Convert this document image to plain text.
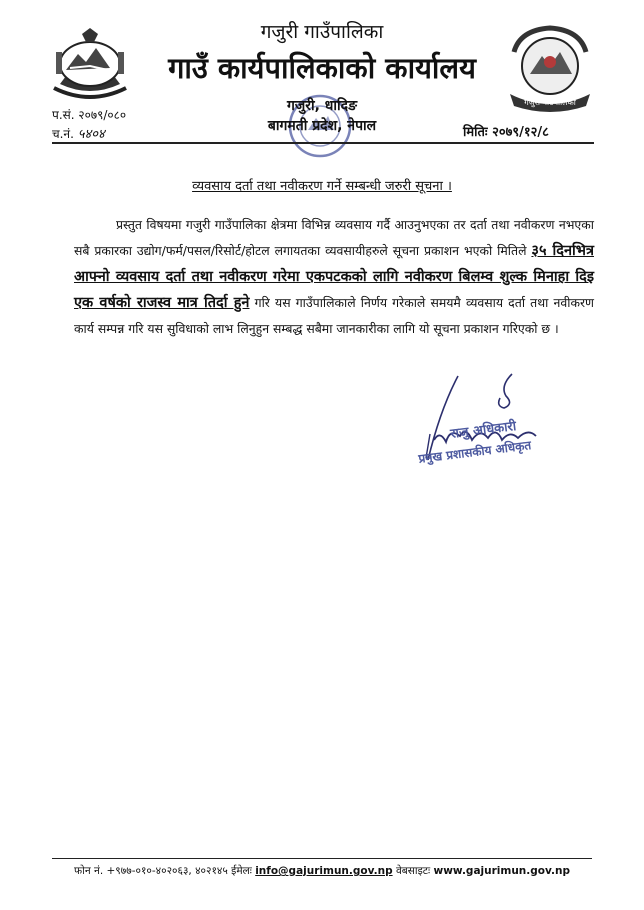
गजुरी गाउँपालिका
गजुरी गाउँपालिका
गाउँ कार्यपालिकाको कार्यालय
गजुरी, धादिङ
बागमती प्रदेश, नेपाल
प.सं. २०७९/०८०
च.नं. ५४०४	मितिः २०७९/१२/८
व्यवसाय दर्ता तथा नवीकरण गर्ने सम्बन्धी जरुरी सूचना ।
प्रस्तुत विषयमा गजुरी गाउँपालिका क्षेत्रमा विभिन्न व्यवसाय गर्दै आउनुभएका तर दर्ता तथा नवीकरण नभएका सबै प्रकारका उद्योग/फर्म/पसल/रिसोर्ट/होटल लगायतका व्यवसायीहरुले सूचना प्रकाशन भएको मितिले ३५ दिनभित्र आफ्नो व्यवसाय दर्ता तथा नवीकरण गरेमा एकपटकको लागि नवीकरण बिलम्व शुल्क मिनाहा दिइ एक वर्षको राजस्व मात्र तिर्दा हुने गरि यस गाउँपालिकाले निर्णय गरेकाले समयमै व्यवसाय दर्ता तथा नवीकरण कार्य सम्पन्न गरि यस सुविधाको लाभ लिनुहुन सम्बद्ध सबैमा जानकारीका लागि यो सूचना प्रकाशन गरिएको छ ।
राजु अधिकारी
प्रमुख प्रशासकीय अधिकृत
फोन नं. +९७७-०१०-४०२०६३, ४०२१४५ ईमेलः info@gajurimun.gov.np वेबसाइटः www.gajurimun.gov.np
